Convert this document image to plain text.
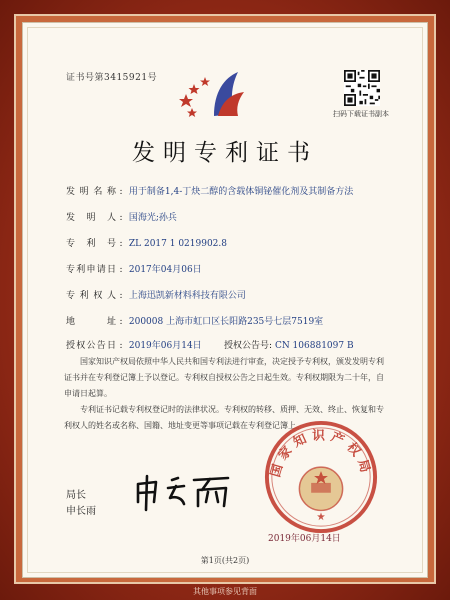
证书号第3415921号
扫码下载证书副本
发明专利证书
发明名称 : 用于制备1,4-丁炔二醇的含载体铜铋催化剂及其制备方法
发明人 : 国海光;孙兵
专利号 : ZL 2017 1 0219902.8
专利申请日 : 2017年04月06日
专利权人 : 上海迅凯新材料科技有限公司
地址 : 200008 上海市虹口区长阳路235号七层7519室
授权公告日 : 2019年06月14日 授权公告号: CN 106881097 B
国家知识产权局依照中华人民共和国专利法进行审查，决定授予专利权，颁发发明专利证书并在专利登记簿上予以登记。专利权自授权公告之日起生效。专利权期限为二十年，自申请日起算。
专利证书记载专利权登记时的法律状况。专利权的转移、质押、无效、终止、恢复和专利权人的姓名或名称、国籍、地址变更等事项记载在专利登记簿上。
局长
申长雨
国家知识产权局
2019年06月14日
第1页(共2页)
其他事项参见背面
